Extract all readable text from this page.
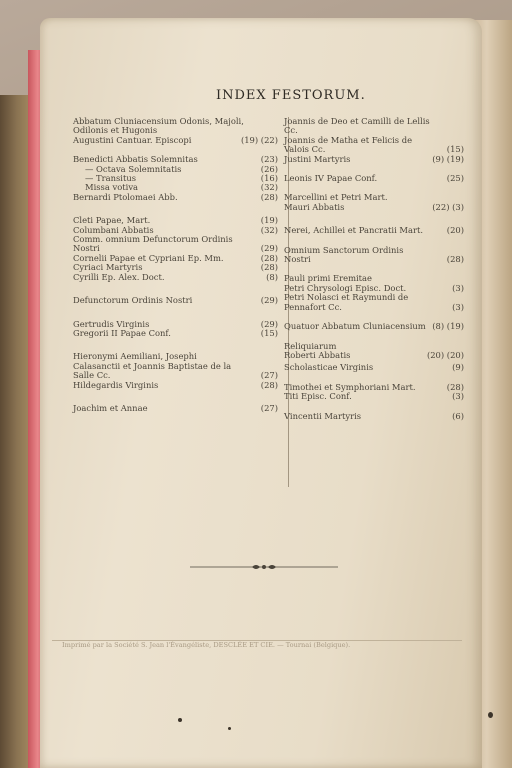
INDEX FESTORUM.
Abbatum Cluniacensium Odonis, Majoli, Odilonis et Hugonis
Augustini Cantuar. Episcopi	(19) (22)
Benedicti Abbatis Solemnitas	(23)
— Octava Solemnitatis	(26)
— Transitus	(16)
Missa votiva	(32)
Bernardi Ptolomaei Abb.	(28)
Cleti Papae, Mart.	(19)
Columbani Abbatis	(32)
Comm. omnium Defunctorum Ordinis Nostri	(29)
Cornelii Papae et Cypriani Ep. Mm.	(28)
Cyriaci Martyris	(28)
Cyrilli Ep. Alex. Doct.	(8)
Defunctorum Ordinis Nostri	(29)
Gertrudis Virginis	(29)
Gregorii II Papae Conf.	(15)
Hieronymi Aemiliani, Josephi Calasanctii et Joannis Baptistae de la Salle Cc.	(27)
Hildegardis Virginis	(28)
Joachim et Annae	(27)
Joannis de Deo et Camilli de Lellis Cc.
Joannis de Matha et Felicis de Valois Cc.	(15)
Justini Martyris	(9) (19)
Leonis IV Papae Conf.	(25)
Marcellini et Petri Mart.
Mauri Abbatis	(22) (3)
Nerei, Achillei et Pancratii Mart.	(20)
Omnium Sanctorum Ordinis Nostri	(28)
Pauli primi Eremitae
Petri Chrysologi Episc. Doct.	(3)
Petri Nolasci et Raymundi de Pennafort Cc.	(3)
Quatuor Abbatum Cluniacensium (8) (19)
Reliquiarum
Roberti Abbatis	(20) (20)
Scholasticae Virginis	(9)
Timothei et Symphoriani Mart.	(28)
Titi Episc. Conf.	(3)
Vincentii Martyris	(6)
Imprimé par la Société S. Jean l'Évangéliste, DESCLÉE ET CIE. — Tournai (Belgique).
